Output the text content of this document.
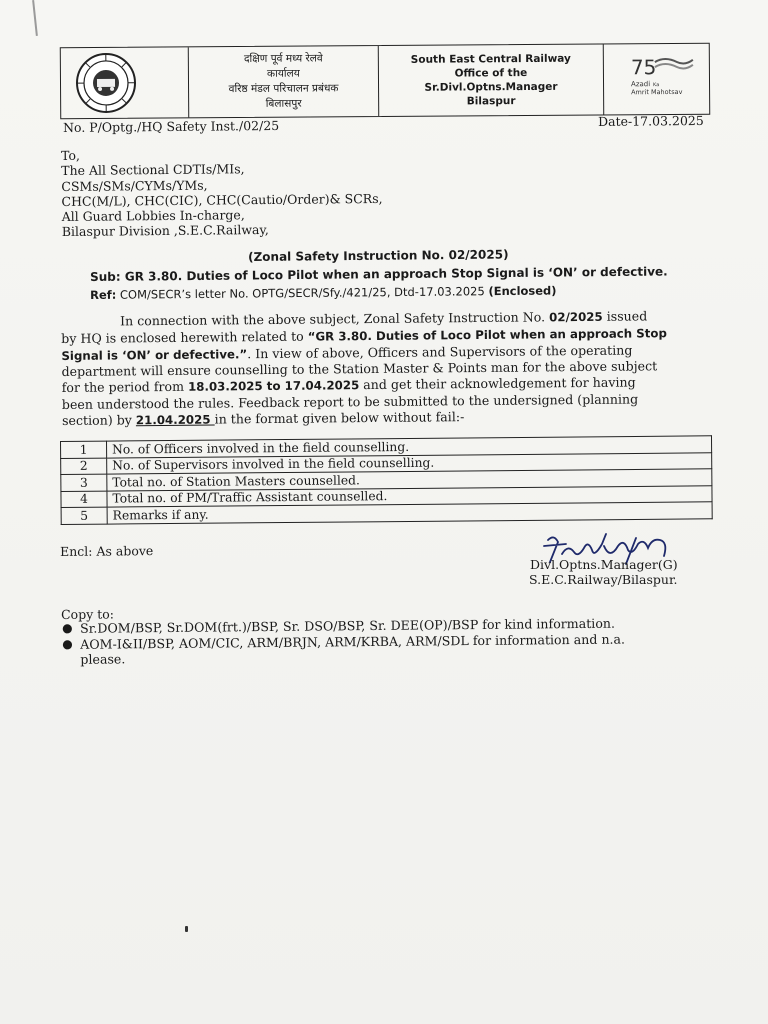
दक्षिण पूर्व मध्य रेलवे
कार्यालय
वरिष्ठ मंडल परिचालन प्रबंधक
बिलासपुर
South East Central Railway
Office of the
Sr.Divl.Optns.Manager
Bilaspur
75
Azadi Ka
Amrit Mahotsav
No. P/Optg./HQ Safety Inst./02/25	Date-17.03.2025
To,
The All Sectional CDTIs/MIs,
CSMs/SMs/CYMs/YMs,
CHC(M/L), CHC(CIC), CHC(Cautio/Order)& SCRs,
All Guard Lobbies In-charge,
Bilaspur Division ,S.E.C.Railway,
(Zonal Safety Instruction No. 02/2025)
Sub: GR 3.80. Duties of Loco Pilot when an approach Stop Signal is ‘ON’ or defective.
Ref: COM/SECR’s letter No. OPTG/SECR/Sfy./421/25, Dtd-17.03.2025 (Enclosed)
In connection with the above subject, Zonal Safety Instruction No. 02/2025 issued
by HQ is enclosed herewith related to “GR 3.80. Duties of Loco Pilot when an approach Stop
Signal is ‘ON’ or defective.”. In view of above, Officers and Supervisors of the operating
department will ensure counselling to the Station Master & Points man for the above subject
for the period from 18.03.2025 to 17.04.2025 and get their acknowledgement for having
been understood the rules. Feedback report to be submitted to the undersigned (planning
section) by 21.04.2025 in the format given below without fail:-
1	No. of Officers involved in the field counselling.
2	No. of Supervisors involved in the field counselling.
3	Total no. of Station Masters counselled.
4	Total no. of PM/Traffic Assistant counselled.
5	Remarks if any.
Encl: As above
Divl.Optns.Manager(G)
S.E.C.Railway/Bilaspur.
Copy to:
● Sr.DOM/BSP, Sr.DOM(frt.)/BSP, Sr. DSO/BSP, Sr. DEE(OP)/BSP for kind information.
● AOM-I&II/BSP, AOM/CIC, ARM/BRJN, ARM/KRBA, ARM/SDL for information and n.a.
please.
